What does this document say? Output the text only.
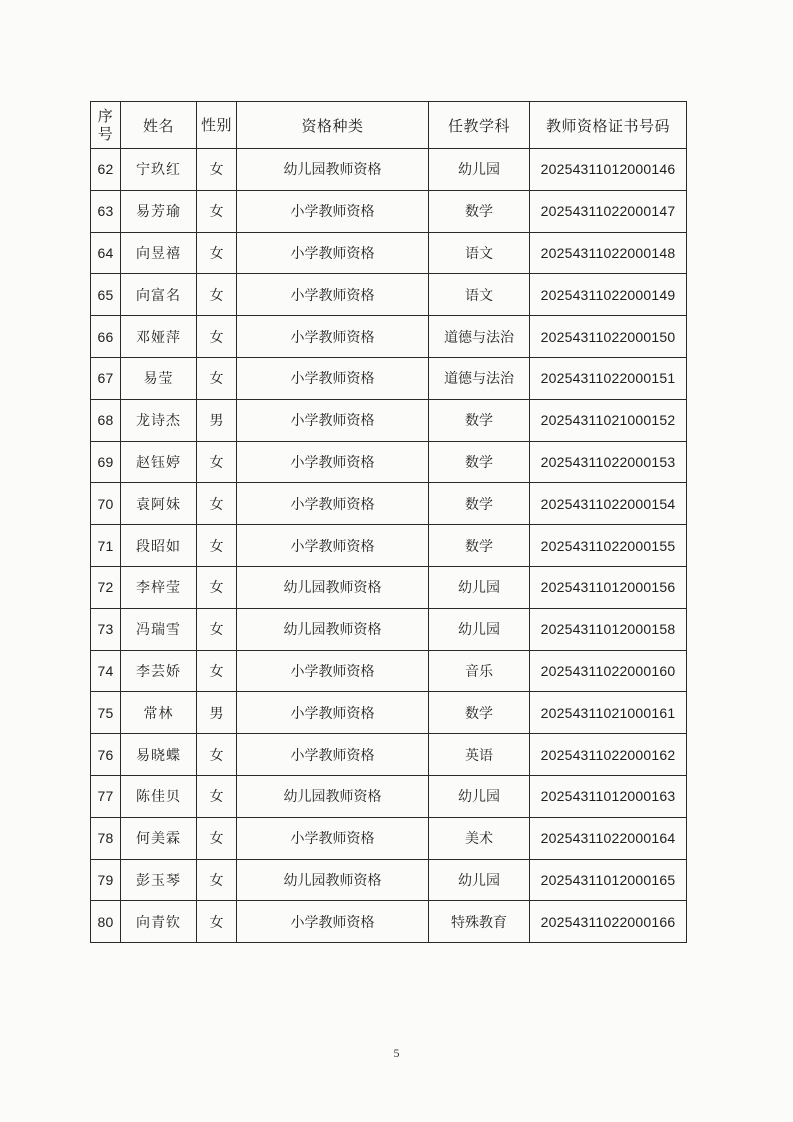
序号	姓名	性别	资格种类	任教学科	教师资格证书号码
62	宁玖红	女	幼儿园教师资格	幼儿园	20254311012000146
63	易芳瑜	女	小学教师资格	数学	20254311022000147
64	向昱禧	女	小学教师资格	语文	20254311022000148
65	向富名	女	小学教师资格	语文	20254311022000149
66	邓娅萍	女	小学教师资格	道德与法治	20254311022000150
67	易莹	女	小学教师资格	道德与法治	20254311022000151
68	龙诗杰	男	小学教师资格	数学	20254311021000152
69	赵钰婷	女	小学教师资格	数学	20254311022000153
70	袁阿妹	女	小学教师资格	数学	20254311022000154
71	段昭如	女	小学教师资格	数学	20254311022000155
72	李梓莹	女	幼儿园教师资格	幼儿园	20254311012000156
73	冯瑞雪	女	幼儿园教师资格	幼儿园	20254311012000158
74	李芸娇	女	小学教师资格	音乐	20254311022000160
75	常林	男	小学教师资格	数学	20254311021000161
76	易晓蝶	女	小学教师资格	英语	20254311022000162
77	陈佳贝	女	幼儿园教师资格	幼儿园	20254311012000163
78	何美霖	女	小学教师资格	美术	20254311022000164
79	彭玉琴	女	幼儿园教师资格	幼儿园	20254311012000165
80	向青钦	女	小学教师资格	特殊教育	20254311022000166
5
